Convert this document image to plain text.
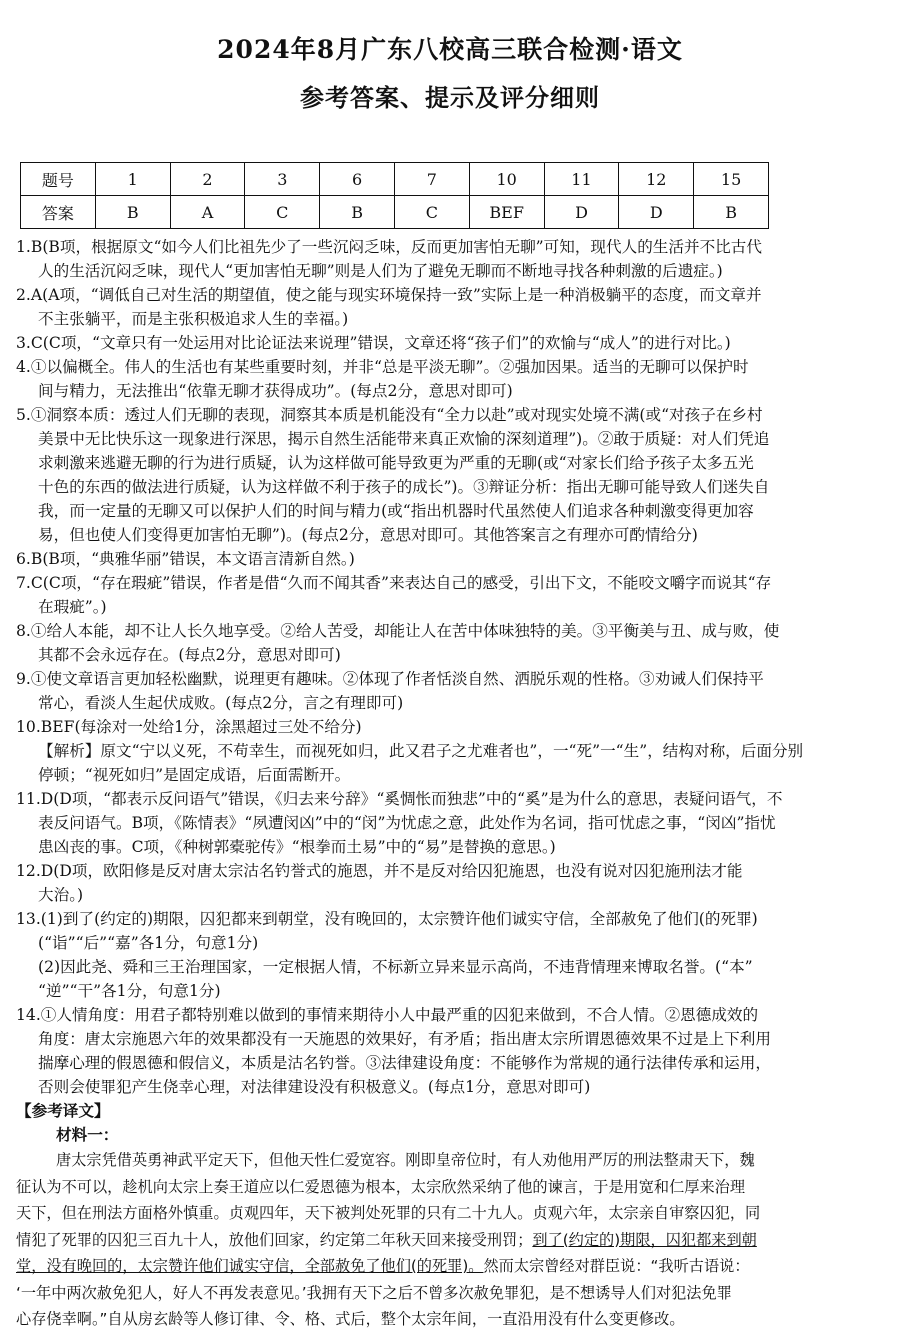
2024年8月广东八校高三联合检测·语文
参考答案、提示及评分细则
题号	1	2	3	6	7	10	11	12	15
答案	B	A	C	B	C	BEF	D	D	B
1.B(B项，根据原文“如今人们比祖先少了一些沉闷乏味，反而更加害怕无聊”可知，现代人的生活并不比古代
人的生活沉闷乏味，现代人“更加害怕无聊”则是人们为了避免无聊而不断地寻找各种刺激的后遗症。)
2.A(A项，“调低自己对生活的期望值，使之能与现实环境保持一致”实际上是一种消极躺平的态度，而文章并
不主张躺平，而是主张积极追求人生的幸福。)
3.C(C项，“文章只有一处运用对比论证法来说理”错误，文章还将“孩子们”的欢愉与“成人”的进行对比。)
4.①以偏概全。伟人的生活也有某些重要时刻，并非“总是平淡无聊”。②强加因果。适当的无聊可以保护时
间与精力，无法推出“依靠无聊才获得成功”。(每点2分，意思对即可)
5.①洞察本质：透过人们无聊的表现，洞察其本质是机能没有“全力以赴”或对现实处境不满(或“对孩子在乡村
美景中无比快乐这一现象进行深思，揭示自然生活能带来真正欢愉的深刻道理”)。②敢于质疑：对人们凭追
求刺激来逃避无聊的行为进行质疑，认为这样做可能导致更为严重的无聊(或“对家长们给予孩子太多五光
十色的东西的做法进行质疑，认为这样做不利于孩子的成长”)。③辩证分析：指出无聊可能导致人们迷失自
我，而一定量的无聊又可以保护人们的时间与精力(或“指出机器时代虽然使人们追求各种刺激变得更加容
易，但也使人们变得更加害怕无聊”)。(每点2分，意思对即可。其他答案言之有理亦可酌情给分)
6.B(B项，“典雅华丽”错误，本文语言清新自然。)
7.C(C项，“存在瑕疵”错误，作者是借“久而不闻其香”来表达自己的感受，引出下文，不能咬文嚼字而说其“存
在瑕疵”。)
8.①给人本能，却不让人长久地享受。②给人苦受，却能让人在苦中体味独特的美。③平衡美与丑、成与败，使
其都不会永远存在。(每点2分，意思对即可)
9.①使文章语言更加轻松幽默，说理更有趣味。②体现了作者恬淡自然、洒脱乐观的性格。③劝诫人们保持平
常心，看淡人生起伏成败。(每点2分，言之有理即可)
10.BEF(每涂对一处给1分，涂黑超过三处不给分)
【解析】原文“宁以义死，不苟幸生，而视死如归，此又君子之尤难者也”，一“死”一“生”，结构对称，后面分别
停顿；“视死如归”是固定成语，后面需断开。
11.D(D项，“都表示反问语气”错误，《归去来兮辞》“奚惆怅而独悲”中的“奚”是为什么的意思，表疑问语气，不
表反问语气。B项，《陈情表》“夙遭闵凶”中的“闵”为忧虑之意，此处作为名词，指可忧虑之事，“闵凶”指忧
患凶丧的事。C项，《种树郭橐驼传》“根拳而土易”中的“易”是替换的意思。)
12.D(D项，欧阳修是反对唐太宗沽名钓誉式的施恩，并不是反对给囚犯施恩，也没有说对囚犯施刑法才能
大治。)
13.(1)到了(约定的)期限，囚犯都来到朝堂，没有晚回的，太宗赞许他们诚实守信，全部赦免了他们(的死罪)
(“诣”“后”“嘉”各1分，句意1分)
(2)因此尧、舜和三王治理国家，一定根据人情，不标新立异来显示高尚，不违背情理来博取名誉。(“本”
“逆”“干”各1分，句意1分)
14.①人情角度：用君子都特别难以做到的事情来期待小人中最严重的囚犯来做到，不合人情。②恩德成效的
角度：唐太宗施恩六年的效果都没有一天施恩的效果好，有矛盾；指出唐太宗所谓恩德效果不过是上下利用
揣摩心理的假恩德和假信义，本质是沽名钓誉。③法律建设角度：不能够作为常规的通行法律传承和运用，
否则会使罪犯产生侥幸心理，对法律建设没有积极意义。(每点1分，意思对即可)
【参考译文】
材料一：
唐太宗凭借英勇神武平定天下，但他天性仁爱宽容。刚即皇帝位时，有人劝他用严厉的刑法整肃天下，魏
征认为不可以，趁机向太宗上奏王道应以仁爱恩德为根本，太宗欣然采纳了他的谏言，于是用宽和仁厚来治理
天下，但在刑法方面格外慎重。贞观四年，天下被判处死罪的只有二十九人。贞观六年，太宗亲自审察囚犯，同
情犯了死罪的囚犯三百九十人，放他们回家，约定第二年秋天回来接受刑罚；到了(约定的)期限，囚犯都来到朝
堂，没有晚回的，太宗赞许他们诚实守信，全部赦免了他们(的死罪)。然而太宗曾经对群臣说：“我听古语说：
‘一年中两次赦免犯人，好人不再发表意见。’我拥有天下之后不曾多次赦免罪犯，是不想诱导人们对犯法免罪
心存侥幸啊。”自从房玄龄等人修订律、令、格、式后，整个太宗年间，一直沿用没有什么变更修改。
